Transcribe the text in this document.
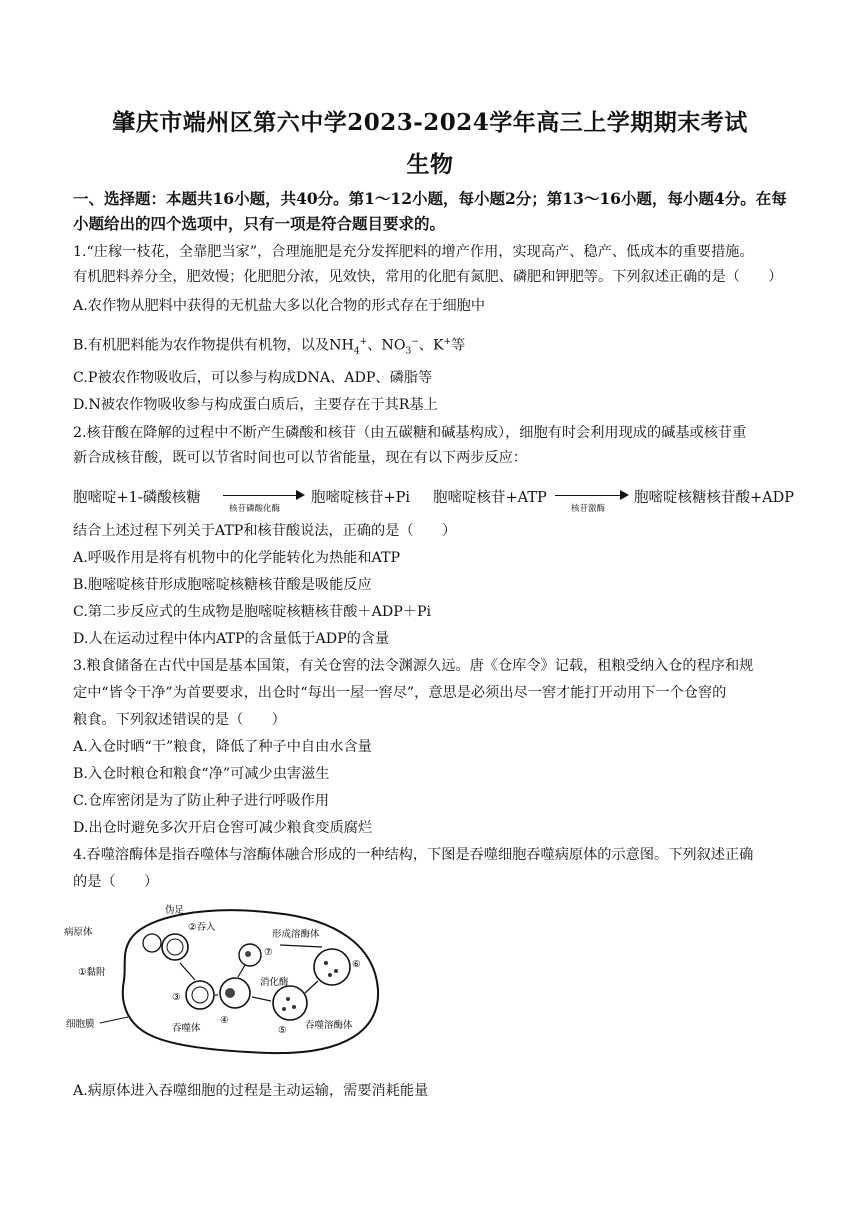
肇庆市端州区第六中学2023-2024学年高三上学期期末考试
生物
一、选择题：本题共16小题，共40分。第1～12小题，每小题2分；第13～16小题，每小题4分。在每小题给出的四个选项中，只有一项是符合题目要求的。
1.“庄稼一枝花，全靠肥当家”，合理施肥是充分发挥肥料的增产作用，实现高产、稳产、低成本的重要措施。
有机肥料养分全，肥效慢；化肥肥分浓，见效快，常用的化肥有氮肥、磷肥和钾肥等。下列叙述正确的是（　　）
A.农作物从肥料中获得的无机盐大多以化合物的形式存在于细胞中
B.有机肥料能为农作物提供有机物，以及$NH_4^+$、$NO_3^-$、K+等
C.P被农作物吸收后，可以参与构成DNA、ADP、磷脂等
D.N被农作物吸收参与构成蛋白质后，主要存在于其R基上
2.核苷酸在降解的过程中不断产生磷酸和核苷（由五碳糖和碱基构成），细胞有时会利用现成的碱基或核苷重
新合成核苷酸，既可以节省时间也可以节省能量，现在有以下两步反应：
胞嘧啶+1-磷酸核糖
核苷磷酸化酶
胞嘧啶核苷+Pi 胞嘧啶核苷+ATP
核苷激酶
胞嘧啶核糖核苷酸+ADP
结合上述过程下列关于ATP和核苷酸说法，正确的是（　　）
A.呼吸作用是将有机物中的化学能转化为热能和ATP
B.胞嘧啶核苷形成胞嘧啶核糖核苷酸是吸能反应
C.第二步反应式的生成物是胞嘧啶核糖核苷酸＋ADP＋Pi
D.人在运动过程中体内ATP的含量低于ADP的含量
3.粮食储备在古代中国是基本国策，有关仓窖的法令渊源久远。唐《仓库令》记载，租粮受纳入仓的程序和规
定中“皆令干净”为首要要求，出仓时“每出一屋一窖尽”，意思是必须出尽一窖才能打开动用下一个仓窖的
粮食。下列叙述错误的是（　　）
A.入仓时晒“干”粮食，降低了种子中自由水含量
B.入仓时粮仓和粮食“净”可减少虫害滋生
C.仓库密闭是为了防止种子进行呼吸作用
D.出仓时避免多次开启仓窖可减少粮食变质腐烂
4.吞噬溶酶体是指吞噬体与溶酶体融合形成的一种结构，下图是吞噬细胞吞噬病原体的示意图。下列叙述正确
的是（　　）
病原体
①黏附
伪足
②吞入
③
吞噬体
④
⑤ 吞噬溶酶体
⑥
⑦
形成溶酶体
消化酶
细胞膜
A.病原体进入吞噬细胞的过程是主动运输，需要消耗能量
